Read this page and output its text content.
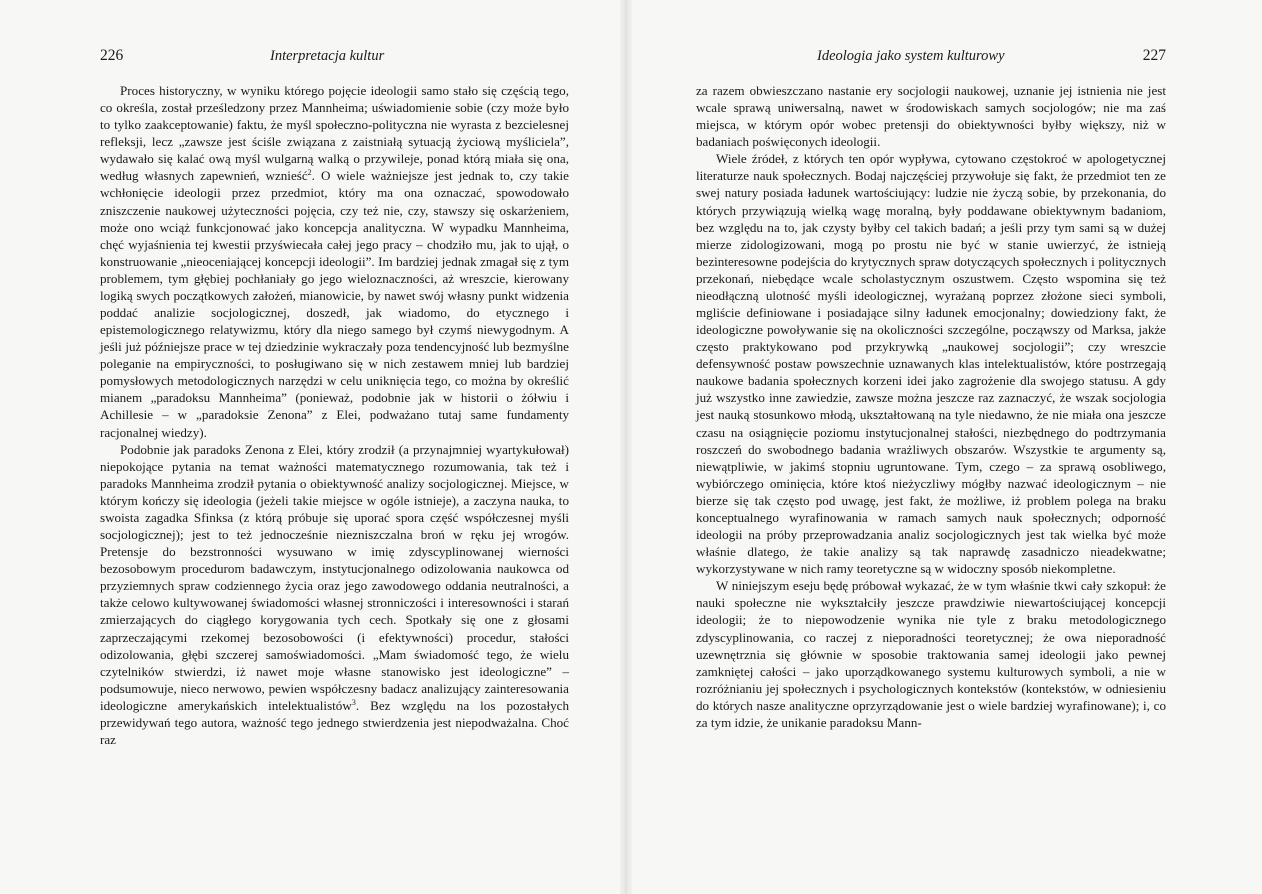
226	Interpretacja kultur

Proces historyczny, w wyniku którego pojęcie ideologii samo stało się częścią tego, co określa, został prześledzony przez Mannheima; uświadomienie sobie (czy może było to tylko zaakceptowanie) faktu, że myśl społeczno-polityczna nie wyrasta z bezcielesnej refleksji, lecz „zawsze jest ściśle związana z zaistniałą sytuacją życiową myśliciela”, wydawało się kalać ową myśl wulgarną walką o przywileje, ponad którą miała się ona, według własnych zapewnień, wznieść$^2$. O wiele ważniejsze jest jednak to, czy takie wchłonięcie ideologii przez przedmiot, który ma ona oznaczać, spowodowało zniszczenie naukowej użyteczności pojęcia, czy też nie, czy, stawszy się oskarżeniem, może ono wciąż funkcjonować jako koncepcja analityczna. W wypadku Mannheima, chęć wyjaśnienia tej kwestii przyświecała całej jego pracy – chodziło mu, jak to ujął, o konstruowanie „nieoceniającej koncepcji ideologii”. Im bardziej jednak zmagał się z tym problemem, tym głębiej pochłaniały go jego wieloznaczności, aż wreszcie, kierowany logiką swych początkowych założeń, mianowicie, by nawet swój własny punkt widzenia poddać analizie socjologicznej, doszedł, jak wiadomo, do etycznego i epistemologicznego relatywizmu, który dla niego samego był czymś niewygodnym. A jeśli już późniejsze prace w tej dziedzinie wykraczały poza tendencyjność lub bezmyślne poleganie na empiryczności, to posługiwano się w nich zestawem mniej lub bardziej pomysłowych metodologicznych narzędzi w celu uniknięcia tego, co można by określić mianem „paradoksu Mannheima” (ponieważ, podobnie jak w historii o żółwiu i Achillesie – w „paradoksie Zenona” z Elei, podważano tutaj same fundamenty racjonalnej wiedzy).

Podobnie jak paradoks Zenona z Elei, który zrodził (a przynajmniej wyartykułował) niepokojące pytania na temat ważności matematycznego rozumowania, tak też i paradoks Mannheima zrodził pytania o obiektywność analizy socjologicznej. Miejsce, w którym kończy się ideologia (jeżeli takie miejsce w ogóle istnieje), a zaczyna nauka, to swoista zagadka Sfinksa (z którą próbuje się uporać spora część współczesnej myśli socjologicznej); jest to też jednocześnie niezniszczalna broń w ręku jej wrogów. Pretensje do bezstronności wysuwano w imię zdyscyplinowanej wierności bezosobowym procedurom badawczym, instytucjonalnego odizolowania naukowca od przyziemnych spraw codziennego życia oraz jego zawodowego oddania neutralności, a także celowo kultywowanej świadomości własnej stronniczości i interesowności i starań zmierzających do ciągłego korygowania tych cech. Spotkały się one z głosami zaprzeczającymi rzekomej bezosobowości (i efektywności) procedur, stałości odizolowania, głębi szczerej samoświadomości. „Mam świadomość tego, że wielu czytelników stwierdzi, iż nawet moje własne stanowisko jest ideologiczne” – podsumowuje, nieco nerwowo, pewien współczesny badacz analizujący zainteresowania ideologiczne amerykańskich intelektualistów$^3$. Bez względu na los pozostałych przewidywań tego autora, ważność tego jednego stwierdzenia jest niepodważalna. Choć raz

Ideologia jako system kulturowy	227

za razem obwieszczano nastanie ery socjologii naukowej, uznanie jej istnienia nie jest wcale sprawą uniwersalną, nawet w środowiskach samych socjologów; nie ma zaś miejsca, w którym opór wobec pretensji do obiektywności byłby większy, niż w badaniach poświęconych ideologii.

Wiele źródeł, z których ten opór wypływa, cytowano częstokroć w apologetycznej literaturze nauk społecznych. Bodaj najczęściej przywołuje się fakt, że przedmiot ten ze swej natury posiada ładunek wartościujący: ludzie nie życzą sobie, by przekonania, do których przywiązują wielką wagę moralną, były poddawane obiektywnym badaniom, bez względu na to, jak czysty byłby cel takich badań; a jeśli przy tym sami są w dużej mierze zidologizowani, mogą po prostu nie być w stanie uwierzyć, że istnieją bezinteresowne podejścia do krytycznych spraw dotyczących społecznych i politycznych przekonań, niebędące wcale scholastycznym oszustwem. Często wspomina się też nieodłączną ulotność myśli ideologicznej, wyrażaną poprzez złożone sieci symboli, mgliście definiowane i posiadające silny ładunek emocjonalny; dowiedziony fakt, że ideologiczne powoływanie się na okoliczności szczególne, począwszy od Marksa, jakże często praktykowano pod przykrywką „naukowej socjologii”; czy wreszcie defensywność postaw powszechnie uznawanych klas intelektualistów, które postrzegają naukowe badania społecznych korzeni idei jako zagrożenie dla swojego statusu. A gdy już wszystko inne zawiedzie, zawsze można jeszcze raz zaznaczyć, że wszak socjologia jest nauką stosunkowo młodą, ukształtowaną na tyle niedawno, że nie miała ona jeszcze czasu na osiągnięcie poziomu instytucjonalnej stałości, niezbędnego do podtrzymania roszczeń do swobodnego badania wrażliwych obszarów. Wszystkie te argumenty są, niewątpliwie, w jakimś stopniu ugruntowane. Tym, czego – za sprawą osobliwego, wybiórczego ominięcia, które ktoś nieżyczliwy mógłby nazwać ideologicznym – nie bierze się tak często pod uwagę, jest fakt, że możliwe, iż problem polega na braku konceptualnego wyrafinowania w ramach samych nauk społecznych; odporność ideologii na próby przeprowadzania analiz socjologicznych jest tak wielka być może właśnie dlatego, że takie analizy są tak naprawdę zasadniczo nieadekwatne; wykorzystywane w nich ramy teoretyczne są w widoczny sposób niekompletne.

W niniejszym eseju będę próbował wykazać, że w tym właśnie tkwi cały szkopuł: że nauki społeczne nie wykształciły jeszcze prawdziwie niewartościującej koncepcji ideologii; że to niepowodzenie wynika nie tyle z braku metodologicznego zdyscyplinowania, co raczej z nieporadności teoretycznej; że owa nieporadność uzewnętrznia się głównie w sposobie traktowania samej ideologii jako pewnej zamkniętej całości – jako uporządkowanego systemu kulturowych symboli, a nie w rozróżnianiu jej społecznych i psychologicznych kontekstów (kontekstów, w odniesieniu do których nasze analityczne oprzyrządowanie jest o wiele bardziej wyrafinowane); i, co za tym idzie, że unikanie paradoksu Mann-
